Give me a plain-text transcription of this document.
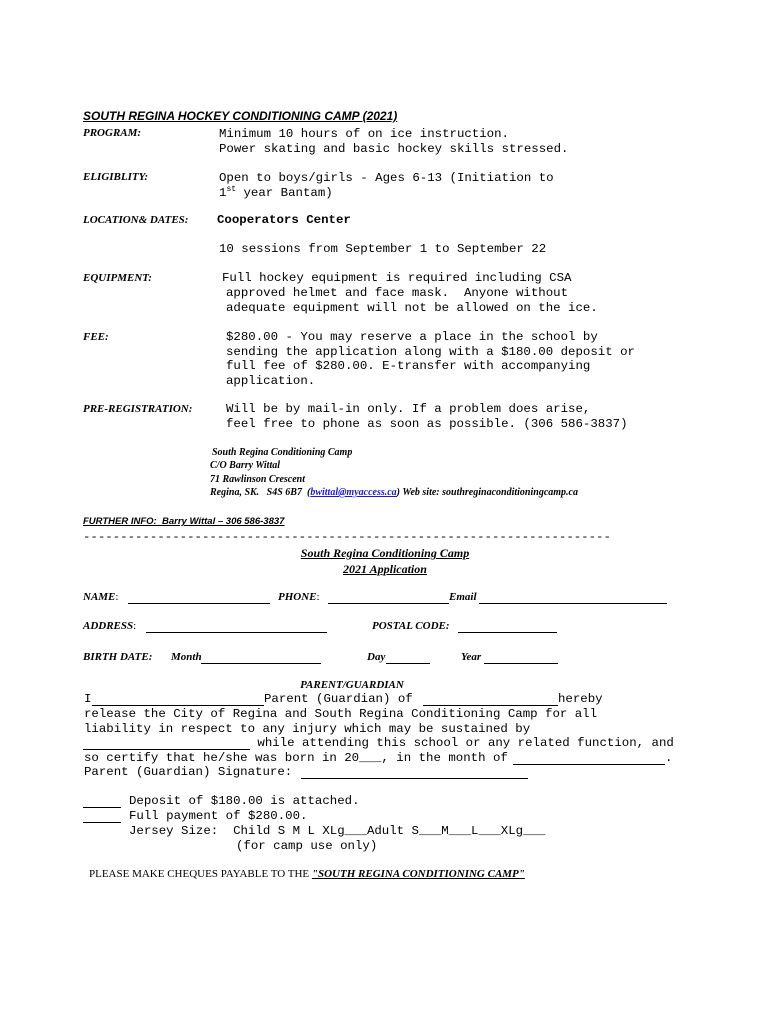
SOUTH REGINA HOCKEY CONDITIONING CAMP (2021)
PROGRAM:	Minimum 10 hours of on ice instruction.
Power skating and basic hockey skills stressed.
ELIGIBLITY:	Open to boys/girls - Ages 6-13 (Initiation to
1st year Bantam)
LOCATION& DATES: Cooperators Center
10 sessions from September 1 to September 22
EQUIPMENT:	Full hockey equipment is required including CSA
approved helmet and face mask.  Anyone without
adequate equipment will not be allowed on the ice.
FEE:	$280.00 - You may reserve a place in the school by
sending the application along with a $180.00 deposit or
full fee of $280.00. E-transfer with accompanying
application.
PRE-REGISTRATION:	Will be by mail-in only. If a problem does arise,
feel free to phone as soon as possible. (306 586-3837)
South Regina Conditioning Camp
C/O Barry Wittal
71 Rawlinson Crescent
Regina, SK.   S4S 6B7  (bwittal@myaccess.ca) Web site: southreginaconditioningcamp.ca
FURTHER INFO:  Barry Wittal – 306 586-3837
-----------------------------------------------------------------------
South Regina Conditioning Camp
2021 Application
NAME:	PHONE:	Email
ADDRESS:	POSTAL CODE:
BIRTH DATE: Month	Day	Year
PARENT/GUARDIAN
I	Parent (Guardian) of	hereby
release the City of Regina and South Regina Conditioning Camp for all
liability in respect to any injury which may be sustained by
while attending this school or any related function, and
so certify that he/she was born in 20___, in the month of	.
Parent (Guardian) Signature:
Deposit of $180.00 is attached.
Full payment of $280.00.
Jersey Size:  Child S M L XLg___Adult S___M___L___XLg___
(for camp use only)
PLEASE MAKE CHEQUES PAYABLE TO THE "SOUTH REGINA CONDITIONING CAMP"
